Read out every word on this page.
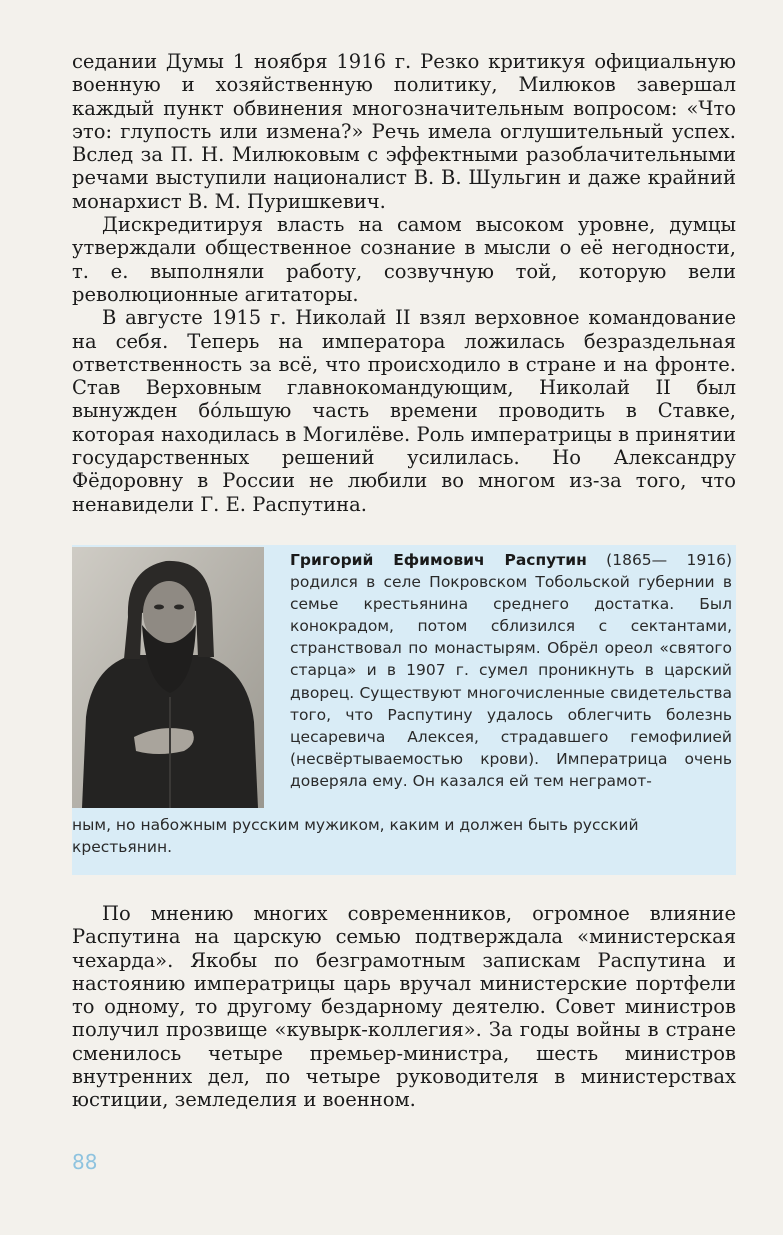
седании Думы 1 ноября 1916 г. Резко критикуя официальную военную и хозяйственную политику, Милюков завершал каждый пункт обвинения многозначительным вопросом: «Что это: глупость или измена?» Речь имела оглушительный успех. Вслед за П. Н. Милюковым с эффектными разоблачительными речами выступили националист В. В. Шульгин и даже крайний монархист В. М. Пуришкевич.

Дискредитируя власть на самом высоком уровне, думцы утверждали общественное сознание в мысли о её негодности, т. е. выполняли работу, созвучную той, которую вели революционные агитаторы.

В августе 1915 г. Николай II взял верховное командование на себя. Теперь на императора ложилась безраздельная ответственность за всё, что происходило в стране и на фронте. Став Верховным главнокомандующим, Николай II был вынужден бо́льшую часть времени проводить в Ставке, которая находилась в Могилёве. Роль императрицы в принятии государственных решений усилилась. Но Александру Фёдоровну в России не любили во многом из-за того, что ненавидели Г. Е. Распутина.

Григорий Ефимович Распутин (1865— 1916) родился в селе Покровском Тобольской губернии в семье крестьянина среднего достатка. Был конокрадом, потом сблизился с сектантами, странствовал по монастырям. Обрёл ореол «святого старца» и в 1907 г. сумел проникнуть в царский дворец. Существуют многочисленные свидетельства того, что Распутину удалось облегчить болезнь цесаревича Алексея, страдавшего гемофилией (несвёртываемостью крови). Императрица очень доверяла ему. Он казался ей тем неграмот-
ным, но набожным русским мужиком, каким и должен быть русский крестьянин.

По мнению многих современников, огромное влияние Распутина на царскую семью подтверждала «министерская чехарда». Якобы по безграмотным запискам Распутина и настоянию императрицы царь вручал министерские портфели то одному, то другому бездарному деятелю. Совет министров получил прозвище «кувырк-коллегия». За годы войны в стране сменилось четыре премьер-министра, шесть министров внутренних дел, по четыре руководителя в министерствах юстиции, земледелия и военном.

88
